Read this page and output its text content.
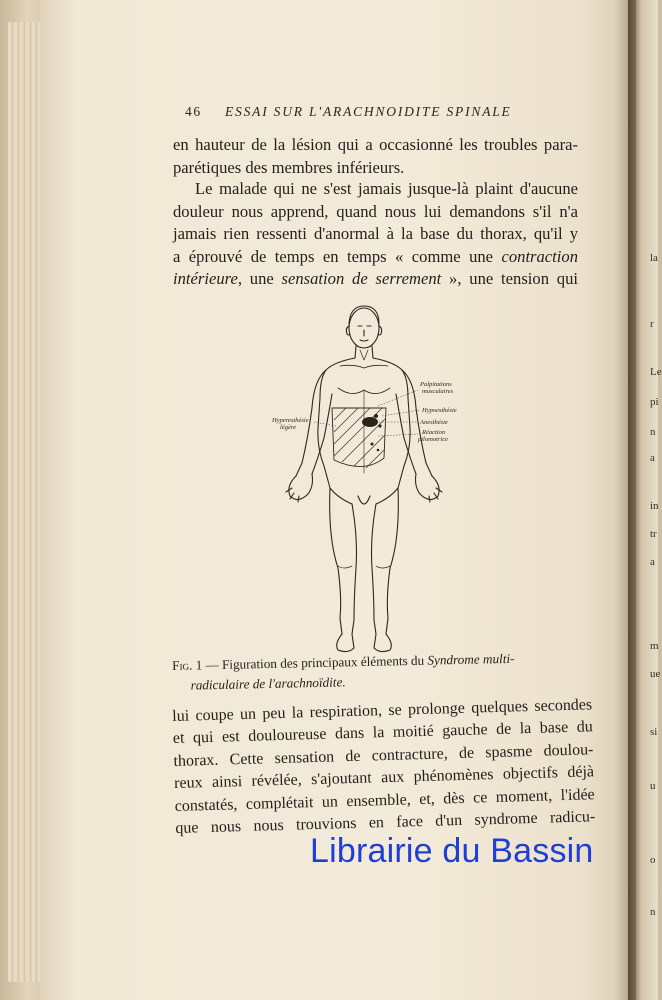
la
r
Le
pi
n
a
in
tr
a
m
ue
si
u
o
n
46 ESSAI SUR L'ARACHNOIDITE SPINALE
en hauteur de la lésion qui a occasionné les troubles para-
parétiques des membres inférieurs.
Le malade qui ne s'est jamais jusque-là plaint d'aucune
douleur nous apprend, quand nous lui demandons s'il n'a
jamais rien ressenti d'anormal à la base du thorax, qu'il y
a éprouvé de temps en temps « comme une contraction
intérieure, une sensation de serrement », une tension qui
Palpitations
musculaires
Hypoesthésie
Anesthésie
Réaction
pilomotrice
Hyperesthésie
légère
Fig. 1 — Figuration des principaux éléments du Syndrome multi-
radiculaire de l'arachnoïdite.
lui coupe un peu la respiration, se prolonge quelques secondes
et qui est douloureuse dans la moitié gauche de la base du
thorax. Cette sensation de contracture, de spasme doulou-
reux ainsi révélée, s'ajoutant aux phénomènes objectifs déjà
constatés, complétait un ensemble, et, dès ce moment, l'idée
que nous nous trouvions en face d'un syndrome radicu-
Librairie du Bassin
